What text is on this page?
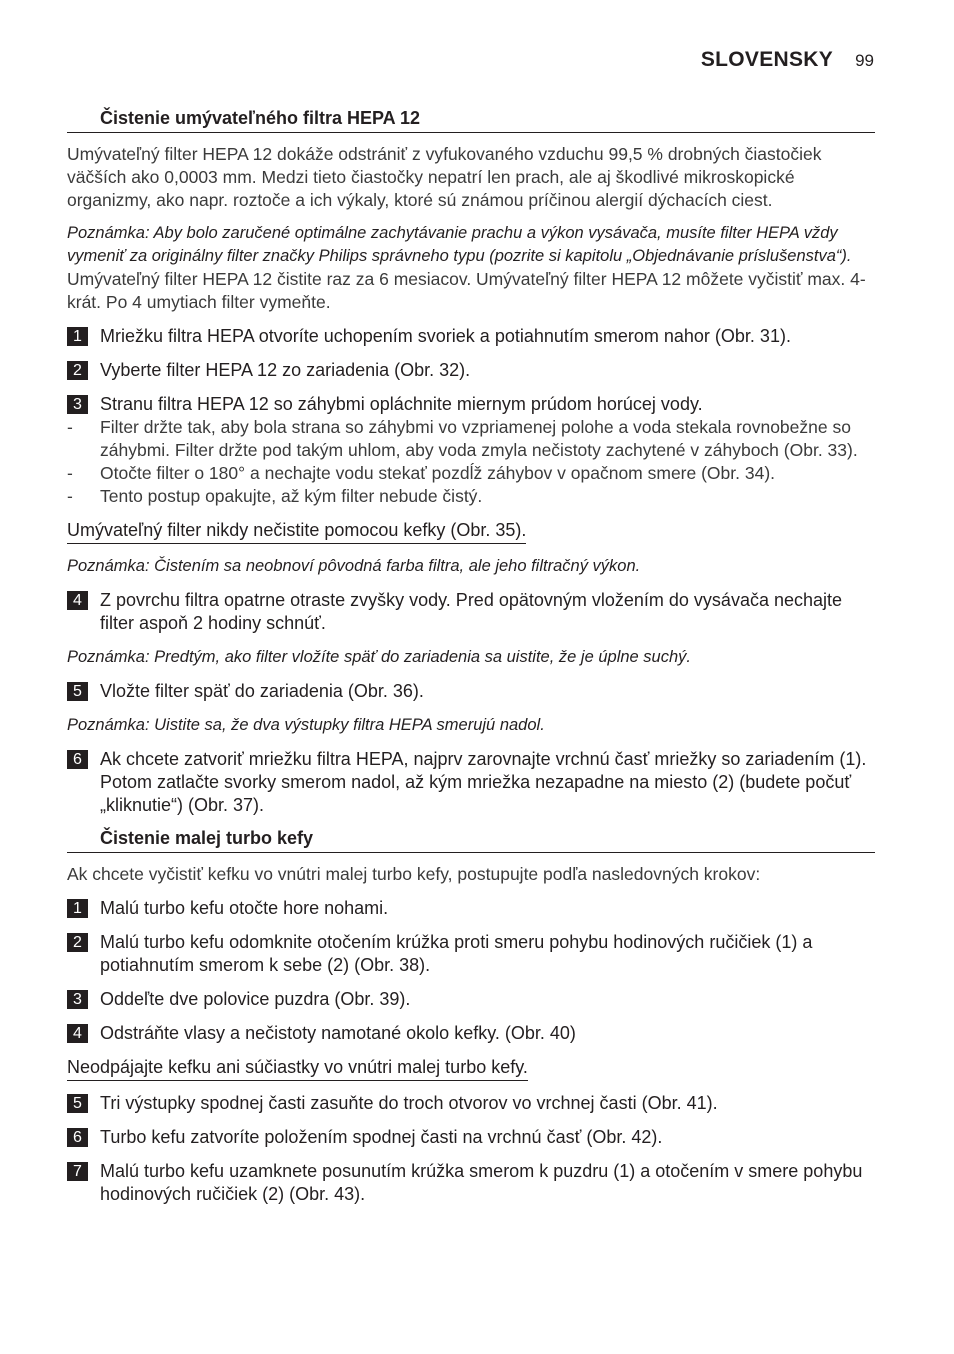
SLOVENSKY 99
Čistenie umývateľného filtra HEPA 12

Umývateľný filter HEPA 12 dokáže odstrániť z vyfukovaného vzduchu 99,5 % drobných čiastočiek väčších ako 0,0003 mm. Medzi tieto čiastočky nepatrí len prach, ale aj škodlivé mikroskopické organizmy, ako napr. roztoče a ich výkaly, ktoré sú známou príčinou alergií dýchacích ciest.

Poznámka: Aby bolo zaručené optimálne zachytávanie prachu a výkon vysávača, musíte filter HEPA vždy vymeniť za originálny filter značky Philips správneho typu (pozrite si kapitolu „Objednávanie príslušenstva“).

Umývateľný filter HEPA 12 čistite raz za 6 mesiacov. Umývateľný filter HEPA 12 môžete vyčistiť max. 4-krát. Po 4 umytiach filter vymeňte.

1	Mriežku filtra HEPA otvoríte uchopením svoriek a potiahnutím smerom nahor (Obr. 31).
2	Vyberte filter HEPA 12 zo zariadenia (Obr. 32).
3	Stranu filtra HEPA 12 so záhybmi opláchnite miernym prúdom horúcej vody.
-	Filter držte tak, aby bola strana so záhybmi vo vzpriamenej polohe a voda stekala rovnobežne so záhybmi. Filter držte pod takým uhlom, aby voda zmyla nečistoty zachytené v záhyboch (Obr. 33).
-	Otočte filter o 180° a nechajte vodu stekať pozdĺž záhybov v opačnom smere (Obr. 34).
-	Tento postup opakujte, až kým filter nebude čistý.
Umývateľný filter nikdy nečistite pomocou kefky (Obr. 35).

Poznámka: Čistením sa neobnoví pôvodná farba filtra, ale jeho filtračný výkon.

4	Z povrchu filtra opatrne otraste zvyšky vody. Pred opätovným vložením do vysávača nechajte filter aspoň 2 hodiny schnúť.

Poznámka: Predtým, ako filter vložíte späť do zariadenia sa uistite, že je úplne suchý.

5	Vložte filter späť do zariadenia (Obr. 36).

Poznámka: Uistite sa, že dva výstupky filtra HEPA smerujú nadol.

6	Ak chcete zatvoriť mriežku filtra HEPA, najprv zarovnajte vrchnú časť mriežky so zariadením (1). Potom zatlačte svorky smerom nadol, až kým mriežka nezapadne na miesto (2) (budete počuť „kliknutie“) (Obr. 37).
Čistenie malej turbo kefy

Ak chcete vyčistiť kefku vo vnútri malej turbo kefy, postupujte podľa nasledovných krokov:

1	Malú turbo kefu otočte hore nohami.
2	Malú turbo kefu odomknite otočením krúžka proti smeru pohybu hodinových ručičiek (1) a potiahnutím smerom k sebe (2) (Obr. 38).
3	Oddeľte dve polovice puzdra (Obr. 39).
4	Odstráňte vlasy a nečistoty namotané okolo kefky. (Obr. 40)
Neodpájajte kefku ani súčiastky vo vnútri malej turbo kefy.
5	Tri výstupky spodnej časti zasuňte do troch otvorov vo vrchnej časti (Obr. 41).
6	Turbo kefu zatvoríte položením spodnej časti na vrchnú časť (Obr. 42).
7	Malú turbo kefu uzamknete posunutím krúžka smerom k puzdru (1) a otočením v smere pohybu hodinových ručičiek (2) (Obr. 43).
